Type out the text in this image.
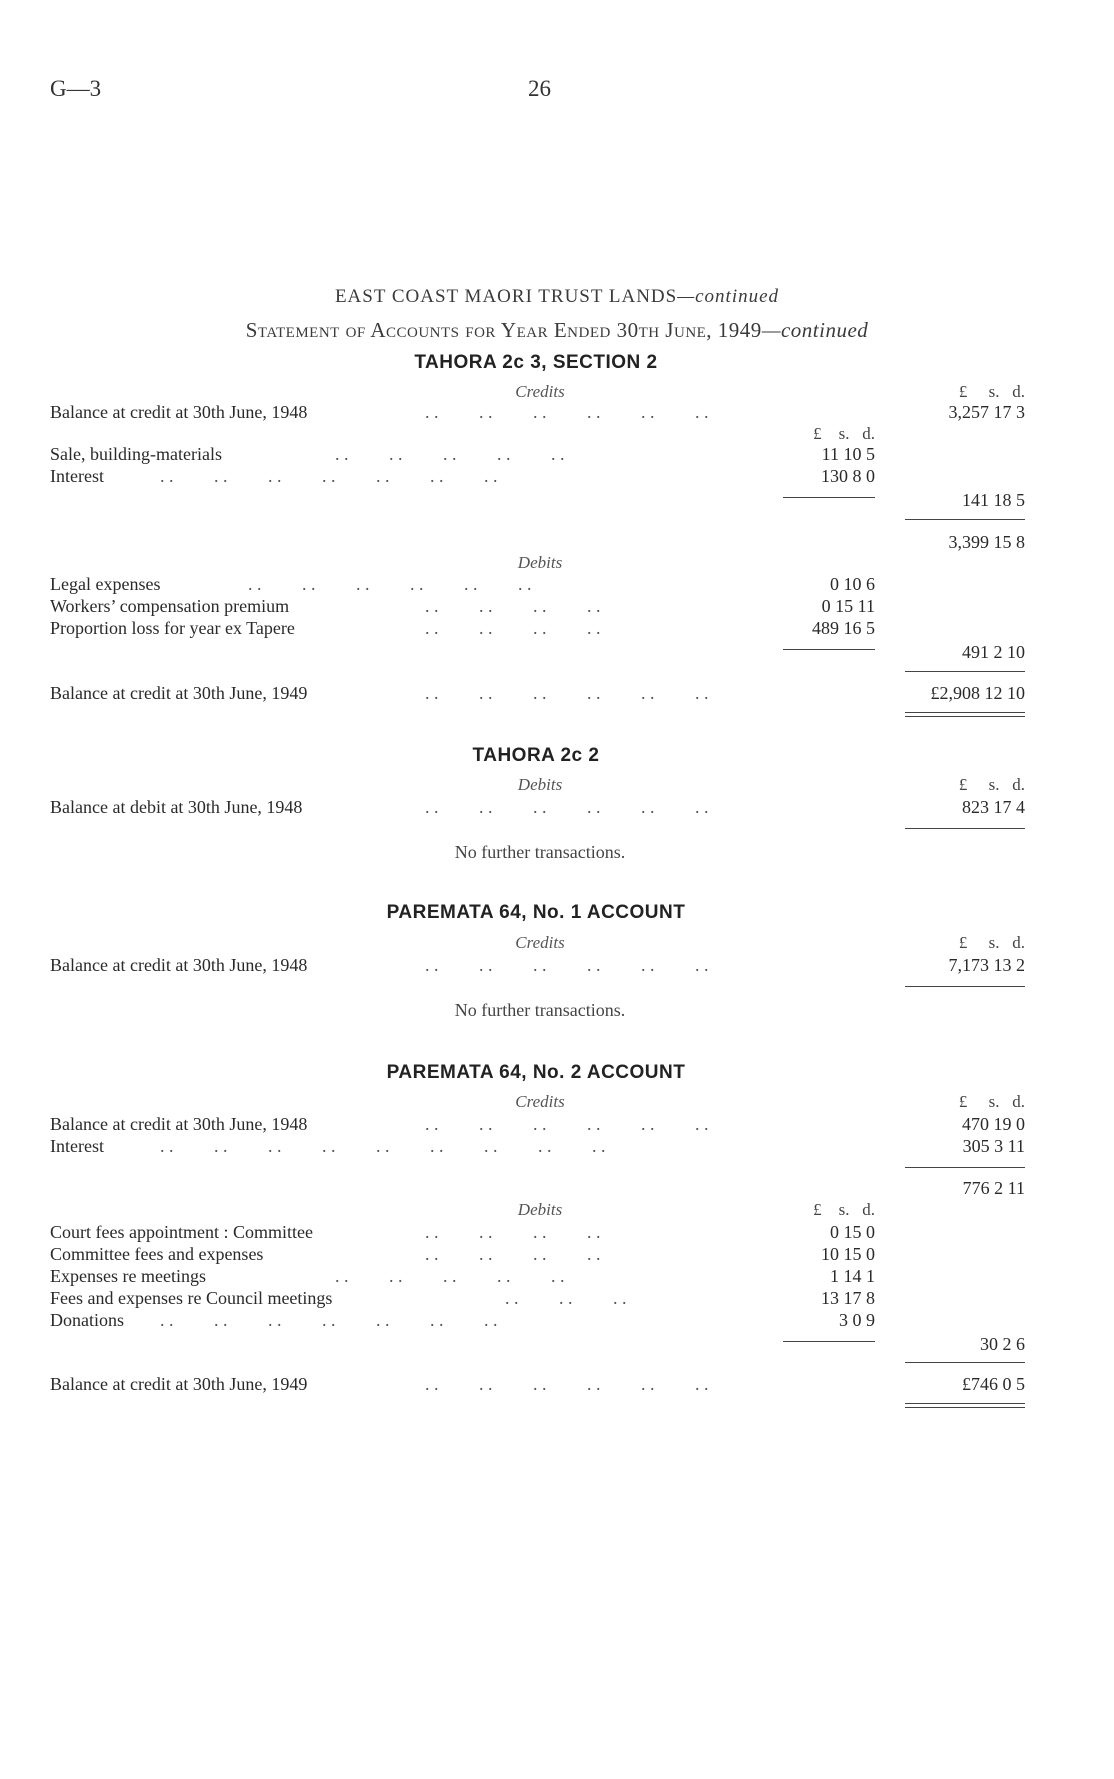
G—3	26
EAST COAST MAORI TRUST LANDS—continued
Statement of Accounts for Year Ended 30th June, 1949—continued
TAHORA 2c 3, SECTION 2
Credits	£ s. d.
Balance at credit at 30th June, 1948	. .         . .         . .         . .         . .         . .	3,257 17 3
£ s. d.
Sale, building-materials	. .         . .         . .         . .         . .	11 10 5
Interest	. .         . .         . .         . .         . .         . .         . .	130 8 0
141 18 5
3,399 15 8
Debits
Legal expenses	. .         . .         . .         . .         . .         . .	0 10 6
Workers’ compensation premium	. .         . .         . .         . .	0 15 11
Proportion loss for year ex Tapere	. .         . .         . .         . .	489 16 5
491 2 10
Balance at credit at 30th June, 1949	. .         . .         . .         . .         . .         . .	£2,908 12 10
TAHORA 2c 2
Debits	£ s. d.
Balance at debit at 30th June, 1948	. .         . .         . .         . .         . .         . .	823 17 4
No further transactions.
PAREMATA 64, No. 1 ACCOUNT
Credits	£ s. d.
Balance at credit at 30th June, 1948	. .         . .         . .         . .         . .         . .	7,173 13 2
No further transactions.
PAREMATA 64, No. 2 ACCOUNT
Credits	£ s. d.
Balance at credit at 30th June, 1948	. .         . .         . .         . .         . .         . .	470 19 0
Interest	. .         . .         . .         . .         . .         . .         . .         . .         . .	305 3 11
776 2 11
Debits	£ s. d.
Court fees appointment : Committee	. .         . .         . .         . .	0 15 0
Committee fees and expenses	. .         . .         . .         . .	10 15 0
Expenses re meetings	. .         . .         . .         . .         . .	1 14 1
Fees and expenses re Council meetings	. .         . .         . .	13 17 8
Donations . .         . .         . .         . .         . .         . .         . .	3 0 9
30 2 6
Balance at credit at 30th June, 1949	. .         . .         . .         . .         . .         . .	£746 0 5
